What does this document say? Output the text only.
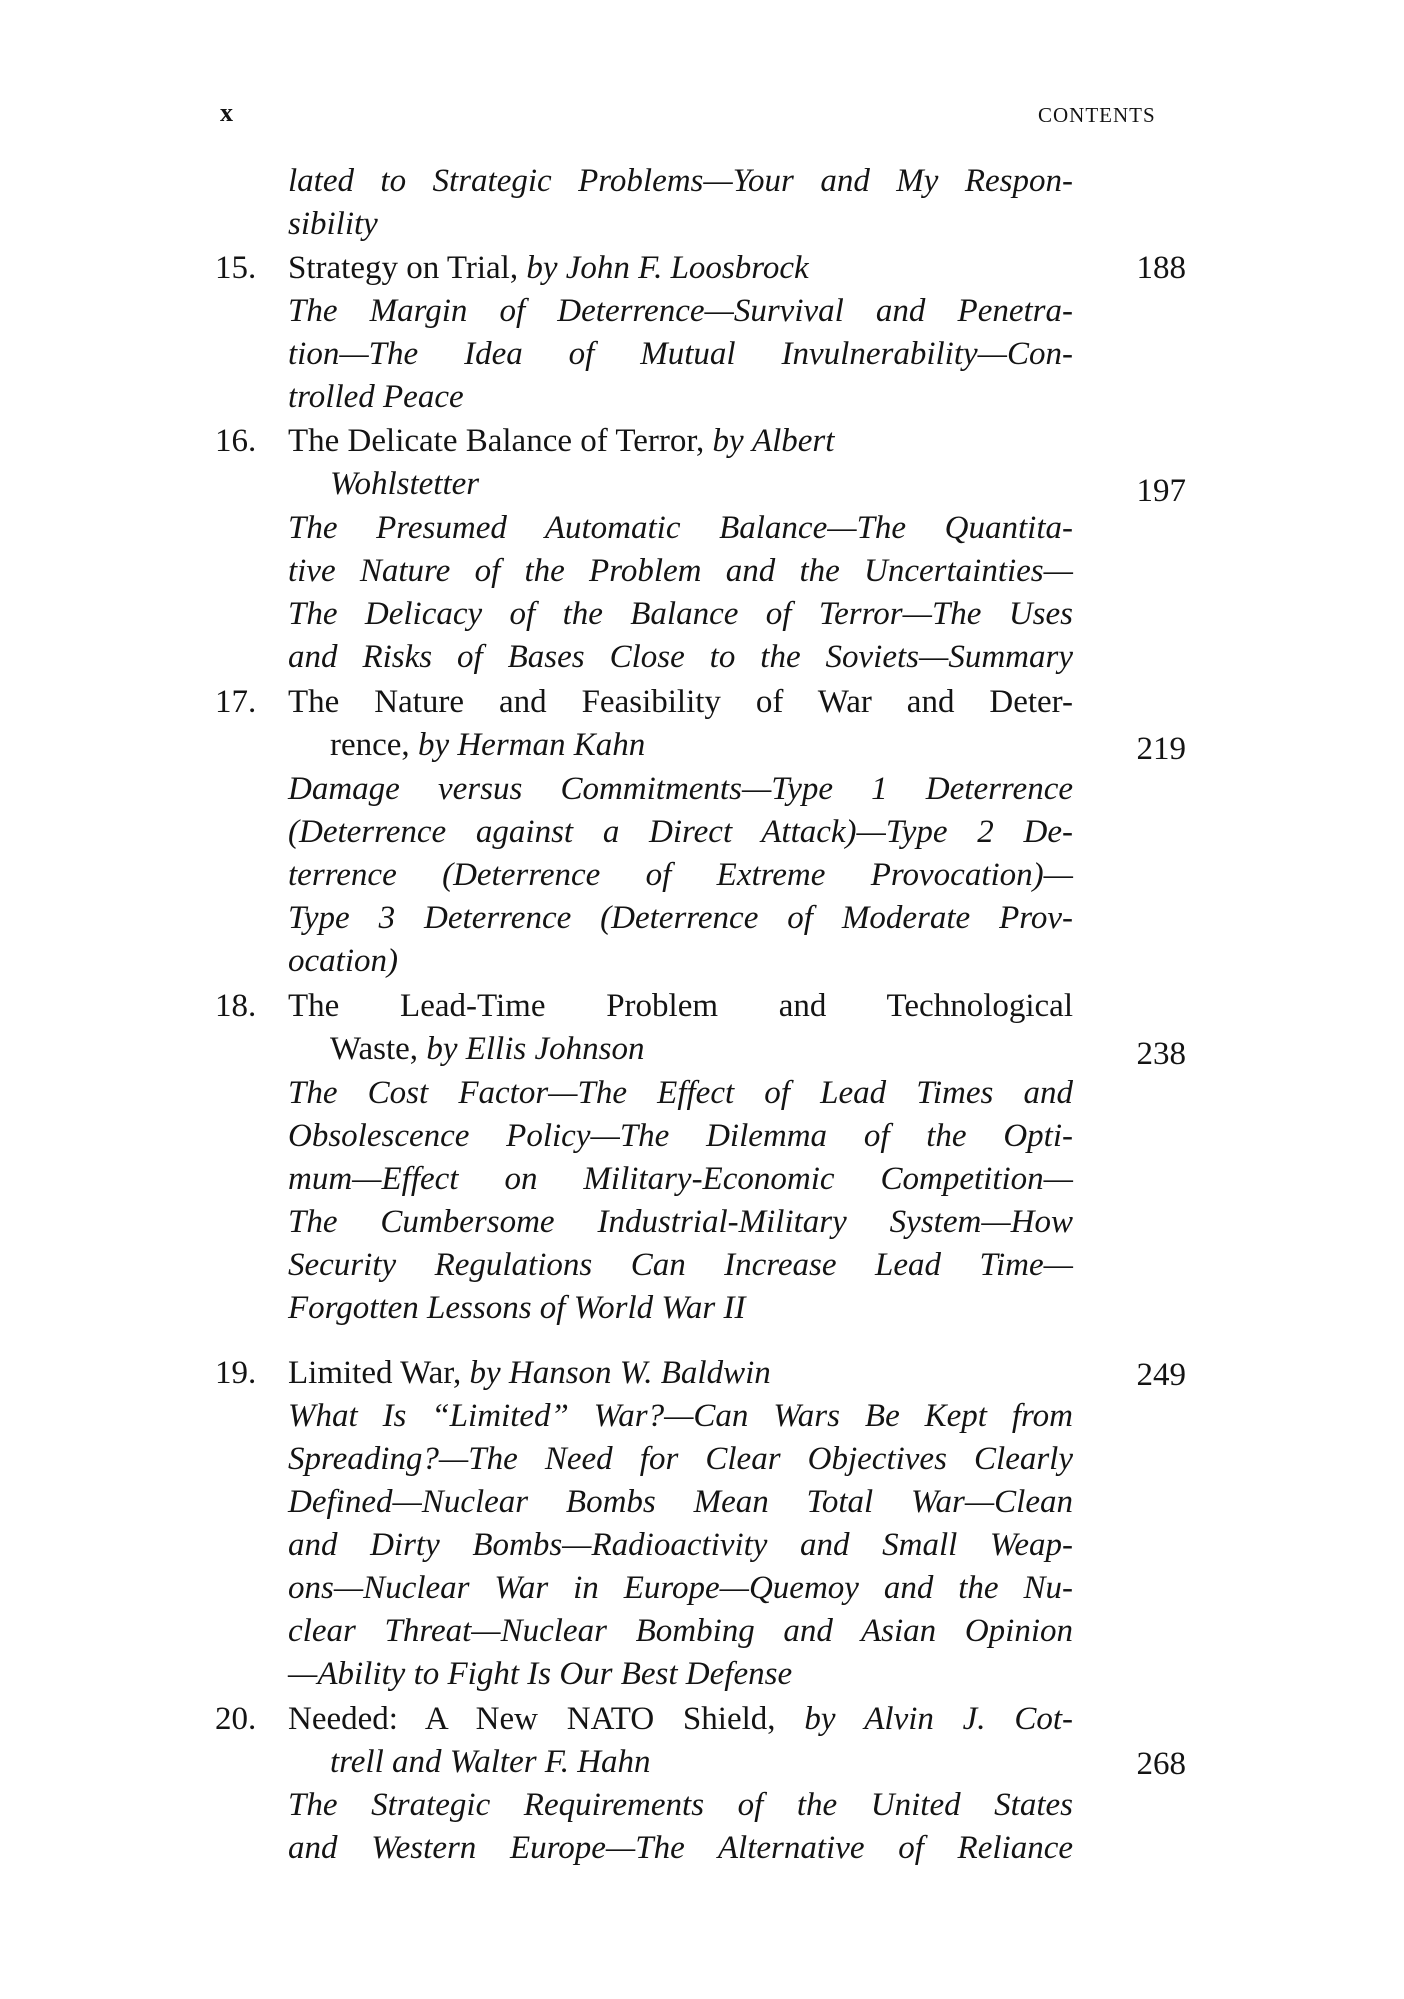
x	CONTENTS
lated to Strategic Problems—Your and My Respon-
sibility
15. Strategy on Trial, by John F. Loosbrock	188
The Margin of Deterrence—Survival and Penetra-
tion—The Idea of Mutual Invulnerability—Con-
trolled Peace
16. The Delicate Balance of Terror, by Albert
Wohlstetter	197
The Presumed Automatic Balance—The Quantita-
tive Nature of the Problem and the Uncertainties—
The Delicacy of the Balance of Terror—The Uses
and Risks of Bases Close to the Soviets—Summary
17. The Nature and Feasibility of War and Deter-
rence, by Herman Kahn	219
Damage versus Commitments—Type 1 Deterrence
(Deterrence against a Direct Attack)—Type 2 De-
terrence (Deterrence of Extreme Provocation)—
Type 3 Deterrence (Deterrence of Moderate Prov-
ocation)
18. The Lead-Time Problem and Technological
Waste, by Ellis Johnson	238
The Cost Factor—The Effect of Lead Times and
Obsolescence Policy—The Dilemma of the Opti-
mum—Effect on Military-Economic Competition—
The Cumbersome Industrial-Military System—How
Security Regulations Can Increase Lead Time—
Forgotten Lessons of World War II
19. Limited War, by Hanson W. Baldwin	249
What Is “Limited” War?—Can Wars Be Kept from
Spreading?—The Need for Clear Objectives Clearly
Defined—Nuclear Bombs Mean Total War—Clean
and Dirty Bombs—Radioactivity and Small Weap-
ons—Nuclear War in Europe—Quemoy and the Nu-
clear Threat—Nuclear Bombing and Asian Opinion
—Ability to Fight Is Our Best Defense
20. Needed: A New NATO Shield, by Alvin J. Cot-
trell and Walter F. Hahn	268
The Strategic Requirements of the United States
and Western Europe—The Alternative of Reliance
